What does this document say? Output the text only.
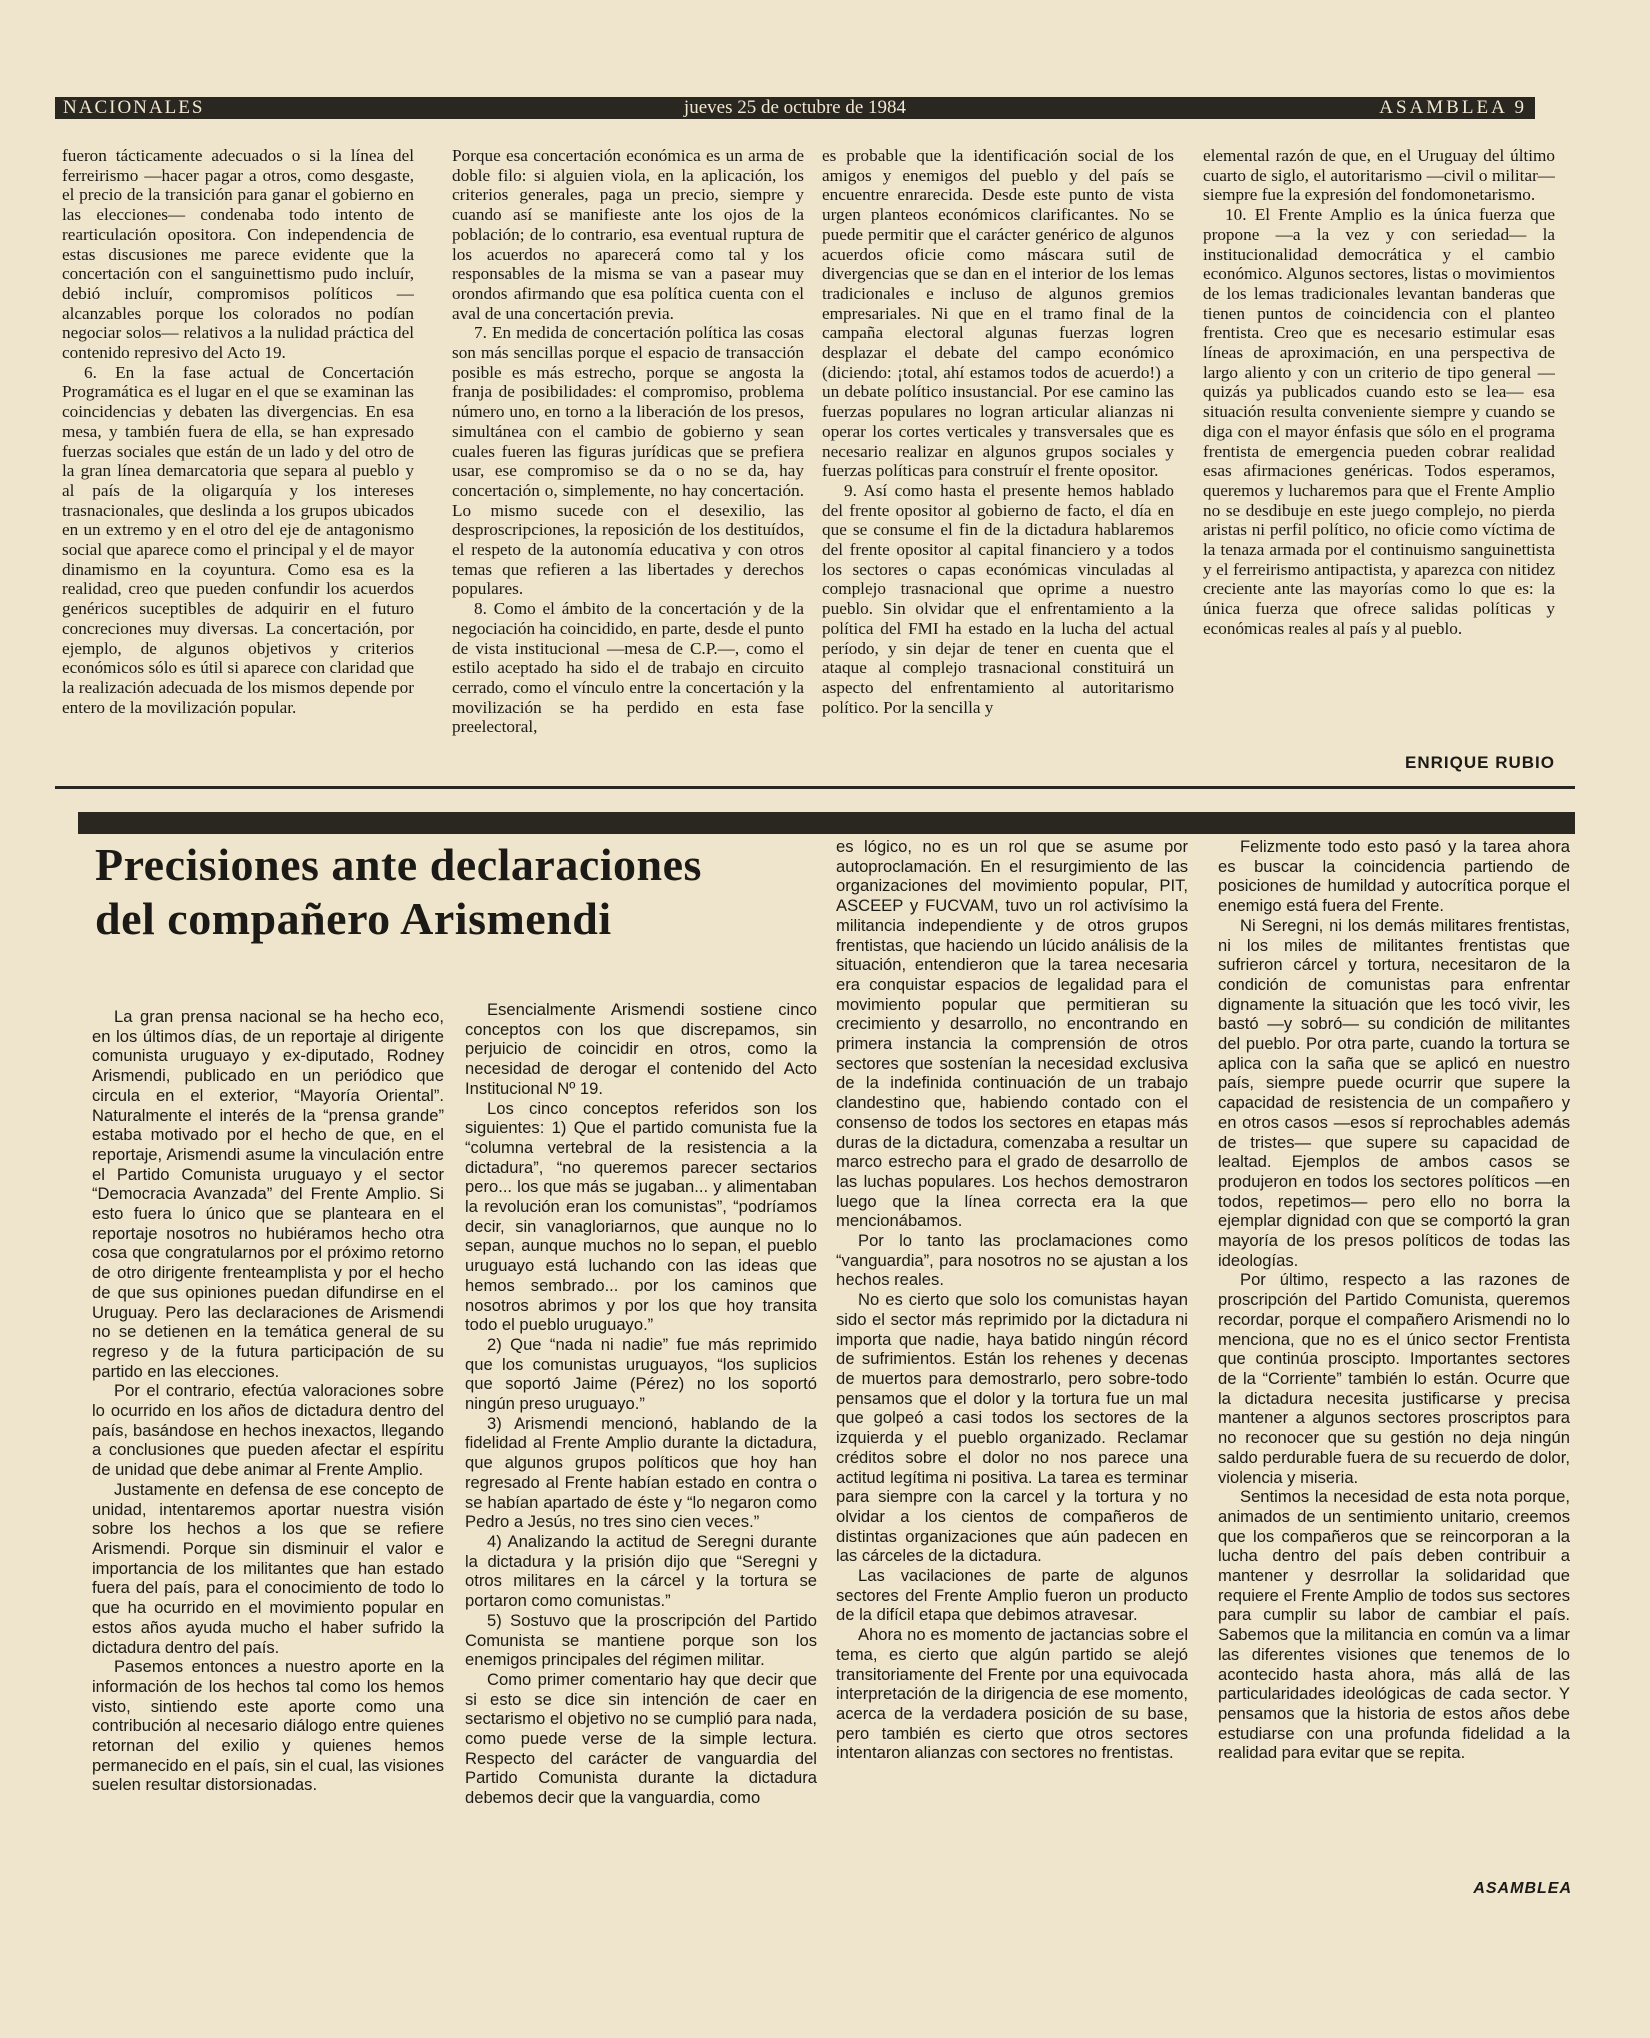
NACIONALES	jueves 25 de octubre de 1984	ASAMBLEA 9

fueron tácticamente adecuados o si la línea del ferreirismo —hacer pagar a otros, como desgaste, el precio de la transición para ganar el gobierno en las elecciones— condenaba todo intento de rearticulación opositora. Con independencia de estas discusiones me parece evidente que la concertación con el sanguinettismo pudo incluír, debió incluír, compromisos políticos —alcanzables porque los colorados no podían negociar solos— relativos a la nulidad práctica del contenido represivo del Acto 19.

6. En la fase actual de Concertación Programática es el lugar en el que se examinan las coincidencias y debaten las divergencias. En esa mesa, y también fuera de ella, se han expresado fuerzas sociales que están de un lado y del otro de la gran línea demarcatoria que separa al pueblo y al país de la oligarquía y los intereses trasnacionales, que deslinda a los grupos ubicados en un extremo y en el otro del eje de antagonismo social que aparece como el principal y el de mayor dinamismo en la coyuntura. Como esa es la realidad, creo que pueden confundir los acuerdos genéricos suceptibles de adquirir en el futuro concreciones muy diversas. La concertación, por ejemplo, de algunos objetivos y criterios económicos sólo es útil si aparece con claridad que la realización adecuada de los mismos depende por entero de la movilización popular.

Porque esa concertación económica es un arma de doble filo: si alguien viola, en la aplicación, los criterios generales, paga un precio, siempre y cuando así se manifieste ante los ojos de la población; de lo contrario, esa eventual ruptura de los acuerdos no aparecerá como tal y los responsables de la misma se van a pasear muy orondos afirmando que esa política cuenta con el aval de una concertación previa.

7. En medida de concertación política las cosas son más sencillas porque el espacio de transacción posible es más estrecho, porque se angosta la franja de posibilidades: el compromiso, problema número uno, en torno a la liberación de los presos, simultánea con el cambio de gobierno y sean cuales fueren las figuras jurídicas que se prefiera usar, ese compromiso se da o no se da, hay concertación o, simplemente, no hay concertación. Lo mismo sucede con el desexilio, las desproscripciones, la reposición de los destituídos, el respeto de la autonomía educativa y con otros temas que refieren a las libertades y derechos populares.

8. Como el ámbito de la concertación y de la negociación ha coincidido, en parte, desde el punto de vista institucional —mesa de C.P.—, como el estilo aceptado ha sido el de trabajo en circuito cerrado, como el vínculo entre la concertación y la movilización se ha perdido en esta fase preelectoral,

es probable que la identificación social de los amigos y enemigos del pueblo y del país se encuentre enrarecida. Desde este punto de vista urgen planteos económicos clarificantes. No se puede permitir que el carácter genérico de algunos acuerdos oficie como máscara sutil de divergencias que se dan en el interior de los lemas tradicionales e incluso de algunos gremios empresariales. Ni que en el tramo final de la campaña electoral algunas fuerzas logren desplazar el debate del campo económico (diciendo: ¡total, ahí estamos todos de acuerdo!) a un debate político insustancial. Por ese camino las fuerzas populares no logran articular alianzas ni operar los cortes verticales y transversales que es necesario realizar en algunos grupos sociales y fuerzas políticas para construír el frente opositor.

9. Así como hasta el presente hemos hablado del frente opositor al gobierno de facto, el día en que se consume el fin de la dictadura hablaremos del frente opositor al capital financiero y a todos los sectores o capas económicas vinculadas al complejo trasnacional que oprime a nuestro pueblo. Sin olvidar que el enfrentamiento a la política del FMI ha estado en la lucha del actual período, y sin dejar de tener en cuenta que el ataque al complejo trasnacional constituirá un aspecto del enfrentamiento al autoritarismo político. Por la sencilla y

elemental razón de que, en el Uruguay del último cuarto de siglo, el autoritarismo —civil o militar— siempre fue la expresión del fondomonetarismo.

10. El Frente Amplio es la única fuerza que propone —a la vez y con seriedad— la institucionalidad democrática y el cambio económico. Algunos sectores, listas o movimientos de los lemas tradicionales levantan banderas que tienen puntos de coincidencia con el planteo frentista. Creo que es necesario estimular esas líneas de aproximación, en una perspectiva de largo aliento y con un criterio de tipo general —quizás ya publicados cuando esto se lea— esa situación resulta conveniente siempre y cuando se diga con el mayor énfasis que sólo en el programa frentista de emergencia pueden cobrar realidad esas afirmaciones genéricas. Todos esperamos, queremos y lucharemos para que el Frente Amplio no se desdibuje en este juego complejo, no pierda aristas ni perfil político, no oficie como víctima de la tenaza armada por el continuismo sanguinettista y el ferreirismo antipactista, y aparezca con nitidez creciente ante las mayorías como lo que es: la única fuerza que ofrece salidas políticas y económicas reales al país y al pueblo.

ENRIQUE RUBIO
Precisiones ante declaraciones
del compañero Arismendi

La gran prensa nacional se ha hecho eco, en los últimos días, de un reportaje al dirigente comunista uruguayo y ex-diputado, Rodney Arismendi, publicado en un periódico que circula en el exterior, “Mayoría Oriental”. Naturalmente el interés de la “prensa grande” estaba motivado por el hecho de que, en el reportaje, Arismendi asume la vinculación entre el Partido Comunista uruguayo y el sector “Democracia Avanzada” del Frente Amplio. Si esto fuera lo único que se planteara en el reportaje nosotros no hubiéramos hecho otra cosa que congratularnos por el próximo retorno de otro dirigente frenteamplista y por el hecho de que sus opiniones puedan difundirse en el Uruguay. Pero las declaraciones de Arismendi no se detienen en la temática general de su regreso y de la futura participación de su partido en las elecciones.

Por el contrario, efectúa valoraciones sobre lo ocurrido en los años de dictadura dentro del país, basándose en hechos inexactos, llegando a conclusiones que pueden afectar el espíritu de unidad que debe animar al Frente Amplio.

Justamente en defensa de ese concepto de unidad, intentaremos aportar nuestra visión sobre los hechos a los que se refiere Arismendi. Porque sin disminuir el valor e importancia de los militantes que han estado fuera del país, para el conocimiento de todo lo que ha ocurrido en el movimiento popular en estos años ayuda mucho el haber sufrido la dictadura dentro del país.

Pasemos entonces a nuestro aporte en la información de los hechos tal como los hemos visto, sintiendo este aporte como una contribución al necesario diálogo entre quienes retornan del exilio y quienes hemos permanecido en el país, sin el cual, las visiones suelen resultar distorsionadas.

Esencialmente Arismendi sostiene cinco conceptos con los que discrepamos, sin perjuicio de coincidir en otros, como la necesidad de derogar el contenido del Acto Institucional Nº 19.

Los cinco conceptos referidos son los siguientes: 1) Que el partido comunista fue la “columna vertebral de la resistencia a la dictadura”, “no queremos parecer sectarios pero... los que más se jugaban... y alimentaban la revolución eran los comunistas”, “podríamos decir, sin vanagloriarnos, que aunque no lo sepan, aunque muchos no lo sepan, el pueblo uruguayo está luchando con las ideas que hemos sembrado... por los caminos que nosotros abrimos y por los que hoy transita todo el pueblo uruguayo.”

2) Que “nada ni nadie” fue más reprimido que los comunistas uruguayos, “los suplicios que soportó Jaime (Pérez) no los soportó ningún preso uruguayo.”

3) Arismendi mencionó, hablando de la fidelidad al Frente Amplio durante la dictadura, que algunos grupos políticos que hoy han regresado al Frente habían estado en contra o se habían apartado de éste y “lo negaron como Pedro a Jesús, no tres sino cien veces.”

4) Analizando la actitud de Seregni durante la dictadura y la prisión dijo que “Seregni y otros militares en la cárcel y la tortura se portaron como comunistas.”

5) Sostuvo que la proscripción del Partido Comunista se mantiene porque son los enemigos principales del régimen militar.

Como primer comentario hay que decir que si esto se dice sin intención de caer en sectarismo el objetivo no se cumplió para nada, como puede verse de la simple lectura. Respecto del carácter de vanguardia del Partido Comunista durante la dictadura debemos decir que la vanguardia, como

es lógico, no es un rol que se asume por autoproclamación. En el resurgimiento de las organizaciones del movimiento popular, PIT, ASCEEP y FUCVAM, tuvo un rol activísimo la militancia independiente y de otros grupos frentistas, que haciendo un lúcido análisis de la situación, entendieron que la tarea necesaria era conquistar espacios de legalidad para el movimiento popular que permitieran su crecimiento y desarrollo, no encontrando en primera instancia la comprensión de otros sectores que sostenían la necesidad exclusiva de la indefinida continuación de un trabajo clandestino que, habiendo contado con el consenso de todos los sectores en etapas más duras de la dictadura, comenzaba a resultar un marco estrecho para el grado de desarrollo de las luchas populares. Los hechos demostraron luego que la línea correcta era la que mencionábamos.

Por lo tanto las proclamaciones como “vanguardia”, para nosotros no se ajustan a los hechos reales.

No es cierto que solo los comunistas hayan sido el sector más reprimido por la dictadura ni importa que nadie, haya batido ningún récord de sufrimientos. Están los rehenes y decenas de muertos para demostrarlo, pero sobre-todo pensamos que el dolor y la tortura fue un mal que golpeó a casi todos los sectores de la izquierda y el pueblo organizado. Reclamar créditos sobre el dolor no nos parece una actitud legítima ni positiva. La tarea es terminar para siempre con la carcel y la tortura y no olvidar a los cientos de compañeros de distintas organizaciones que aún padecen en las cárceles de la dictadura.

Las vacilaciones de parte de algunos sectores del Frente Amplio fueron un producto de la difícil etapa que debimos atravesar.

Ahora no es momento de jactancias sobre el tema, es cierto que algún partido se alejó transitoriamente del Frente por una equivocada interpretación de la dirigencia de ese momento, acerca de la verdadera posición de su base, pero también es cierto que otros sectores intentaron alianzas con sectores no frentistas.

Felizmente todo esto pasó y la tarea ahora es buscar la coincidencia partiendo de posiciones de humildad y autocrítica porque el enemigo está fuera del Frente.

Ni Seregni, ni los demás militares frentistas, ni los miles de militantes frentistas que sufrieron cárcel y tortura, necesitaron de la condición de comunistas para enfrentar dignamente la situación que les tocó vivir, les bastó —y sobró— su condición de militantes del pueblo. Por otra parte, cuando la tortura se aplica con la saña que se aplicó en nuestro país, siempre puede ocurrir que supere la capacidad de resistencia de un compañero y en otros casos —esos sí reprochables además de tristes— que supere su capacidad de lealtad. Ejemplos de ambos casos se produjeron en todos los sectores políticos —en todos, repetimos— pero ello no borra la ejemplar dignidad con que se comportó la gran mayoría de los presos políticos de todas las ideologías.

Por último, respecto a las razones de proscripción del Partido Comunista, queremos recordar, porque el compañero Arismendi no lo menciona, que no es el único sector Frentista que continúa proscipto. Importantes sectores de la “Corriente” también lo están. Ocurre que la dictadura necesita justificarse y precisa mantener a algunos sectores proscriptos para no reconocer que su gestión no deja ningún saldo perdurable fuera de su recuerdo de dolor, violencia y miseria.

Sentimos la necesidad de esta nota porque, animados de un sentimiento unitario, creemos que los compañeros que se reincorporan a la lucha dentro del país deben contribuir a mantener y desrrollar la solidaridad que requiere el Frente Amplio de todos sus sectores para cumplir su labor de cambiar el país. Sabemos que la militancia en común va a limar las diferentes visiones que tenemos de lo acontecido hasta ahora, más allá de las particularidades ideológicas de cada sector. Y pensamos que la historia de estos años debe estudiarse con una profunda fidelidad a la realidad para evitar que se repita.

ASAMBLEA
